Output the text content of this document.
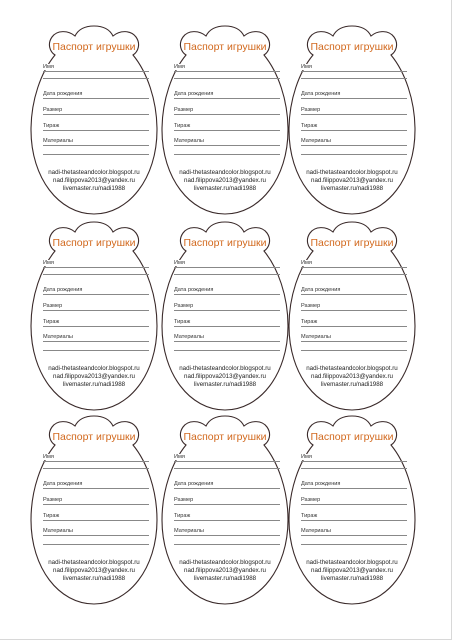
Паспорт игрушки
Имя
Дата рождения
Размер
Тираж
Материалы
nadi-thetasteandcolor.blogspot.ru
nad.filippova2013@yandex.ru
livemaster.ru/nadi1988
Паспорт игрушки
Имя
Дата рождения
Размер
Тираж
Материалы
nadi-thetasteandcolor.blogspot.ru
nad.filippova2013@yandex.ru
livemaster.ru/nadi1988
Паспорт игрушки
Имя
Дата рождения
Размер
Тираж
Материалы
nadi-thetasteandcolor.blogspot.ru
nad.filippova2013@yandex.ru
livemaster.ru/nadi1988
Паспорт игрушки
Имя
Дата рождения
Размер
Тираж
Материалы
nadi-thetasteandcolor.blogspot.ru
nad.filippova2013@yandex.ru
livemaster.ru/nadi1988
Паспорт игрушки
Имя
Дата рождения
Размер
Тираж
Материалы
nadi-thetasteandcolor.blogspot.ru
nad.filippova2013@yandex.ru
livemaster.ru/nadi1988
Паспорт игрушки
Имя
Дата рождения
Размер
Тираж
Материалы
nadi-thetasteandcolor.blogspot.ru
nad.filippova2013@yandex.ru
livemaster.ru/nadi1988
Паспорт игрушки
Имя
Дата рождения
Размер
Тираж
Материалы
nadi-thetasteandcolor.blogspot.ru
nad.filippova2013@yandex.ru
livemaster.ru/nadi1988
Паспорт игрушки
Имя
Дата рождения
Размер
Тираж
Материалы
nadi-thetasteandcolor.blogspot.ru
nad.filippova2013@yandex.ru
livemaster.ru/nadi1988
Паспорт игрушки
Имя
Дата рождения
Размер
Тираж
Материалы
nadi-thetasteandcolor.blogspot.ru
nad.filippova2013@yandex.ru
livemaster.ru/nadi1988
